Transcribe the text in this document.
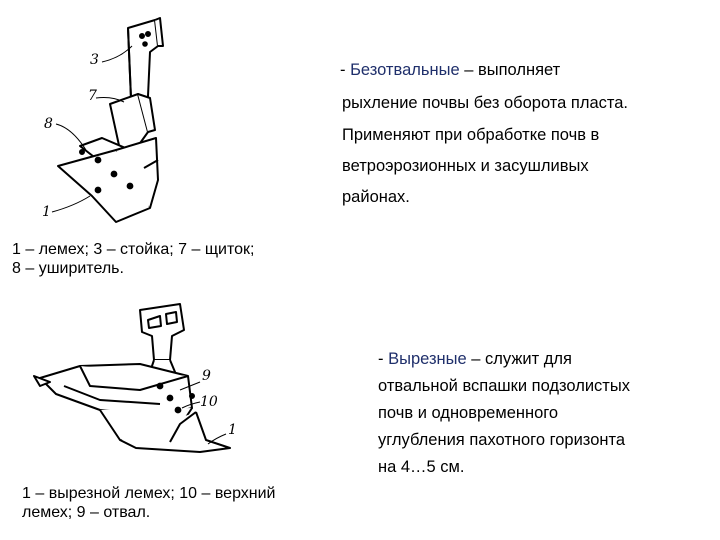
3
7
8
1
- Безотвальные – выполняет
рыхление почвы без оборота пласта.
Применяют при обработке почв в
ветроэрозионных и засушливых
районах.
1 – лемех; 3 – стойка; 7 – щиток;
8 – уширитель.
9
10
1
- Вырезные – служит для
отвальной вспашки подзолистых
почв и одновременного
углубления пахотного горизонта
на 4…5 см.
1 – вырезной лемех; 10 – верхний
лемех; 9 – отвал.
